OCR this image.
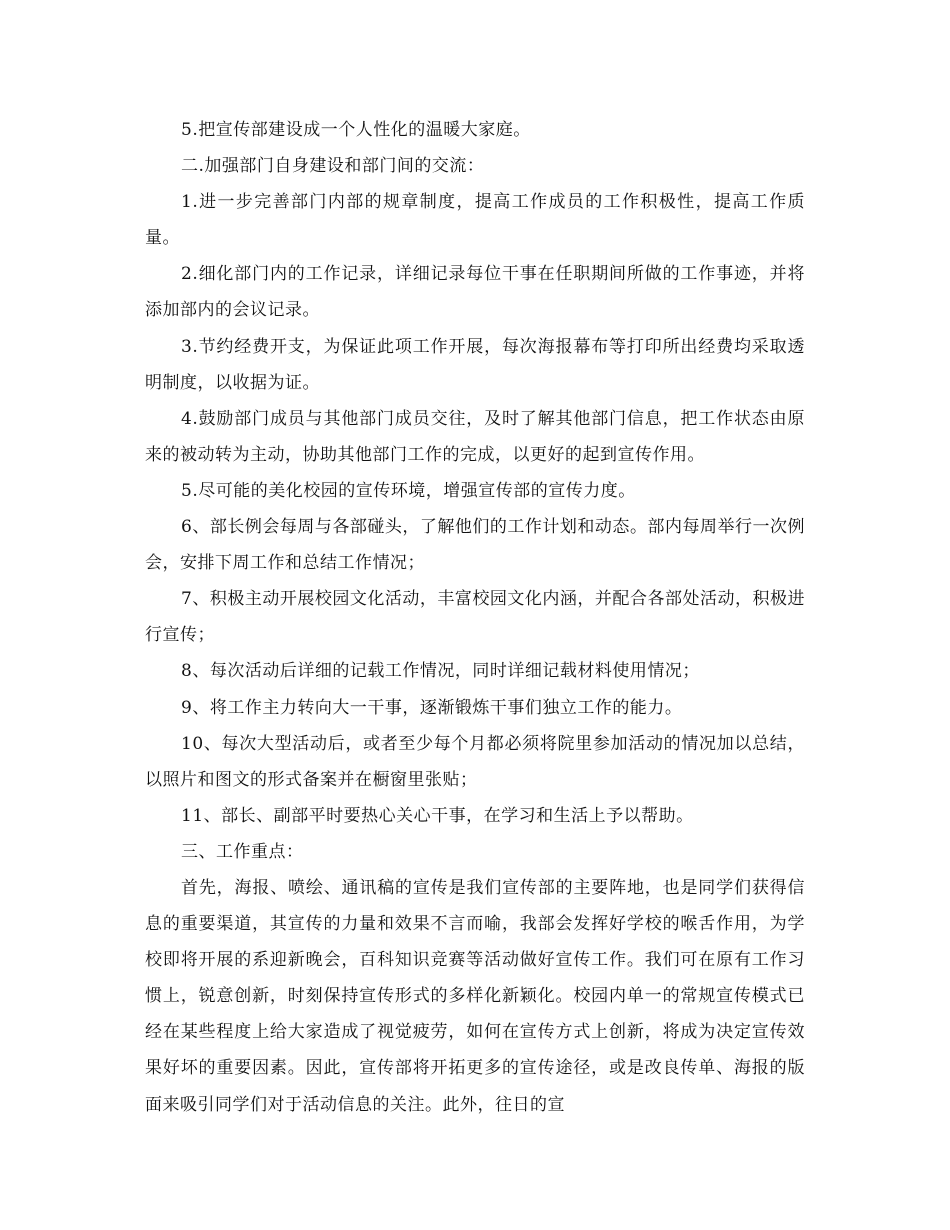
5.把宣传部建设成一个人性化的温暖大家庭。

二.加强部门自身建设和部门间的交流：

1.进一步完善部门内部的规章制度，提高工作成员的工作积极性，提高工作质量。

2.细化部门内的工作记录，详细记录每位干事在任职期间所做的工作事迹，并将添加部内的会议记录。

3.节约经费开支，为保证此项工作开展，每次海报幕布等打印所出经费均采取透明制度，以收据为证。

4.鼓励部门成员与其他部门成员交往，及时了解其他部门信息，把工作状态由原来的被动转为主动，协助其他部门工作的完成，以更好的起到宣传作用。

5.尽可能的美化校园的宣传环境，增强宣传部的宣传力度。

6、部长例会每周与各部碰头，了解他们的工作计划和动态。部内每周举行一次例会，安排下周工作和总结工作情况；

7、积极主动开展校园文化活动，丰富校园文化内涵，并配合各部处活动，积极进行宣传；

8、每次活动后详细的记载工作情况，同时详细记载材料使用情况；

9、将工作主力转向大一干事，逐渐锻炼干事们独立工作的能力。

10、每次大型活动后，或者至少每个月都必须将院里参加活动的情况加以总结，以照片和图文的形式备案并在橱窗里张贴；

11、部长、副部平时要热心关心干事，在学习和生活上予以帮助。

三、工作重点：

首先，海报、喷绘、通讯稿的宣传是我们宣传部的主要阵地，也是同学们获得信息的重要渠道，其宣传的力量和效果不言而喻，我部会发挥好学校的喉舌作用，为学校即将开展的系迎新晚会，百科知识竞赛等活动做好宣传工作。我们可在原有工作习惯上，锐意创新，时刻保持宣传形式的多样化新颖化。校园内单一的常规宣传模式已经在某些程度上给大家造成了视觉疲劳，如何在宣传方式上创新，将成为决定宣传效果好坏的重要因素。因此，宣传部将开拓更多的宣传途径，或是改良传单、海报的版面来吸引同学们对于活动信息的关注。此外，往日的宣
